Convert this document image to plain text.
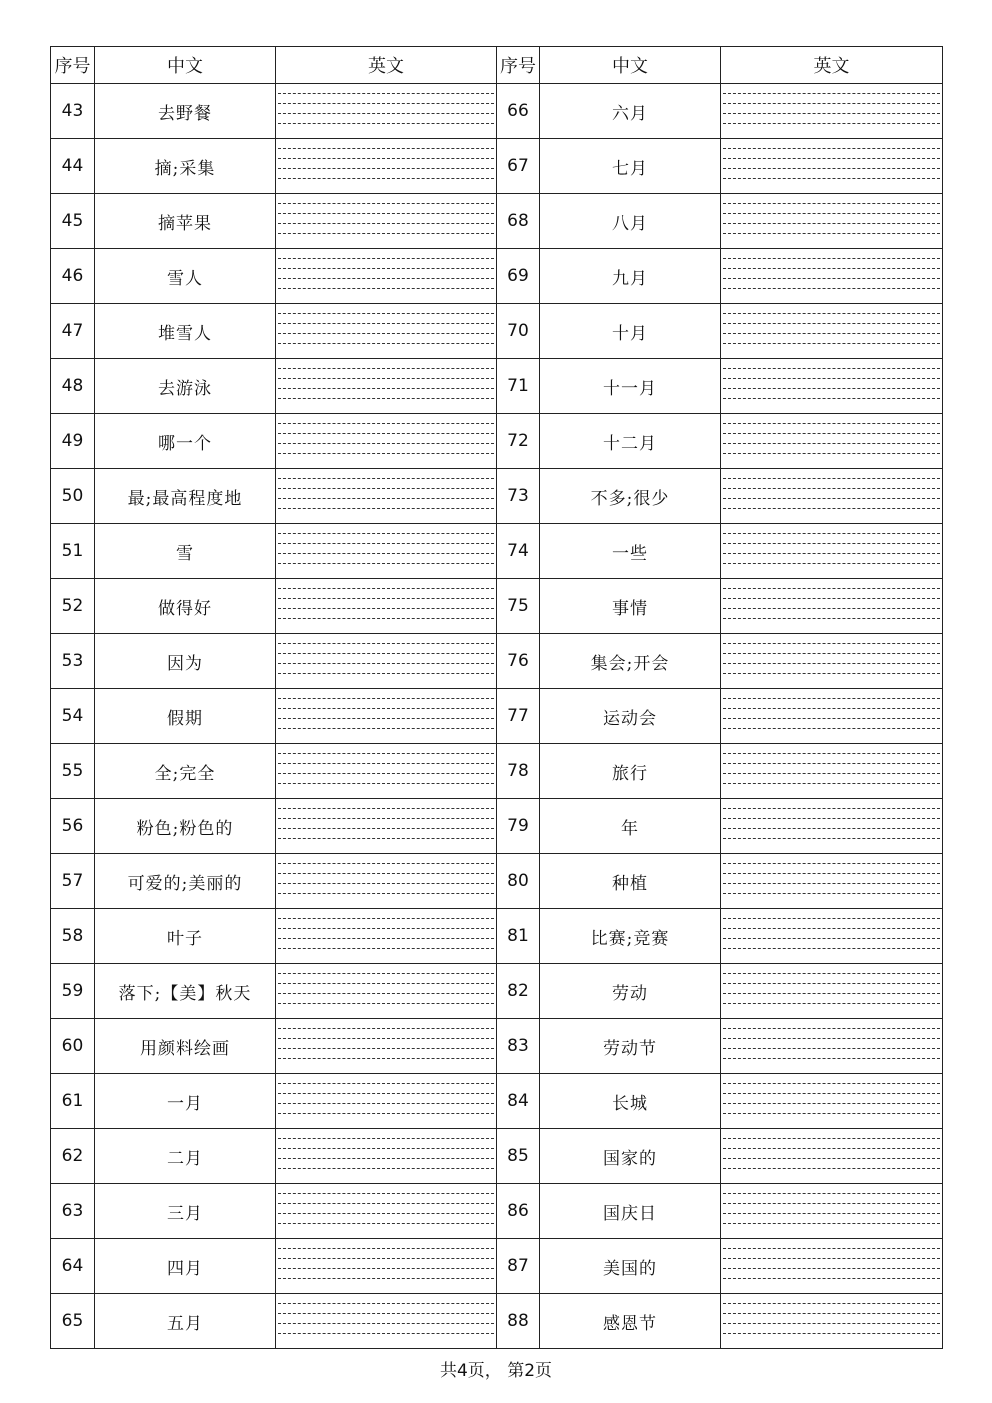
序号	中文	英文	序号	中文	英文
43	去野餐		66	六月	

44	摘;采集		67	七月	

45	摘苹果		68	八月	

46	雪人		69	九月	

47	堆雪人		70	十月	

48	去游泳		71	十一月	

49	哪一个		72	十二月	

50	最;最高程度地		73	不多;很少	

51	雪		74	一些	

52	做得好		75	事情	

53	因为		76	集会;开会	

54	假期		77	运动会	

55	全;完全		78	旅行	

56	粉色;粉色的		79	年	

57	可爱的;美丽的		80	种植	

58	叶子		81	比赛;竞赛	

59	落下;【美】秋天		82	劳动	

60	用颜料绘画		83	劳动节	

61	一月		84	长城	

62	二月		85	国家的	

63	三月		86	国庆日	

64	四月		87	美国的	

65	五月		88	感恩节	
共4页， 第2页
